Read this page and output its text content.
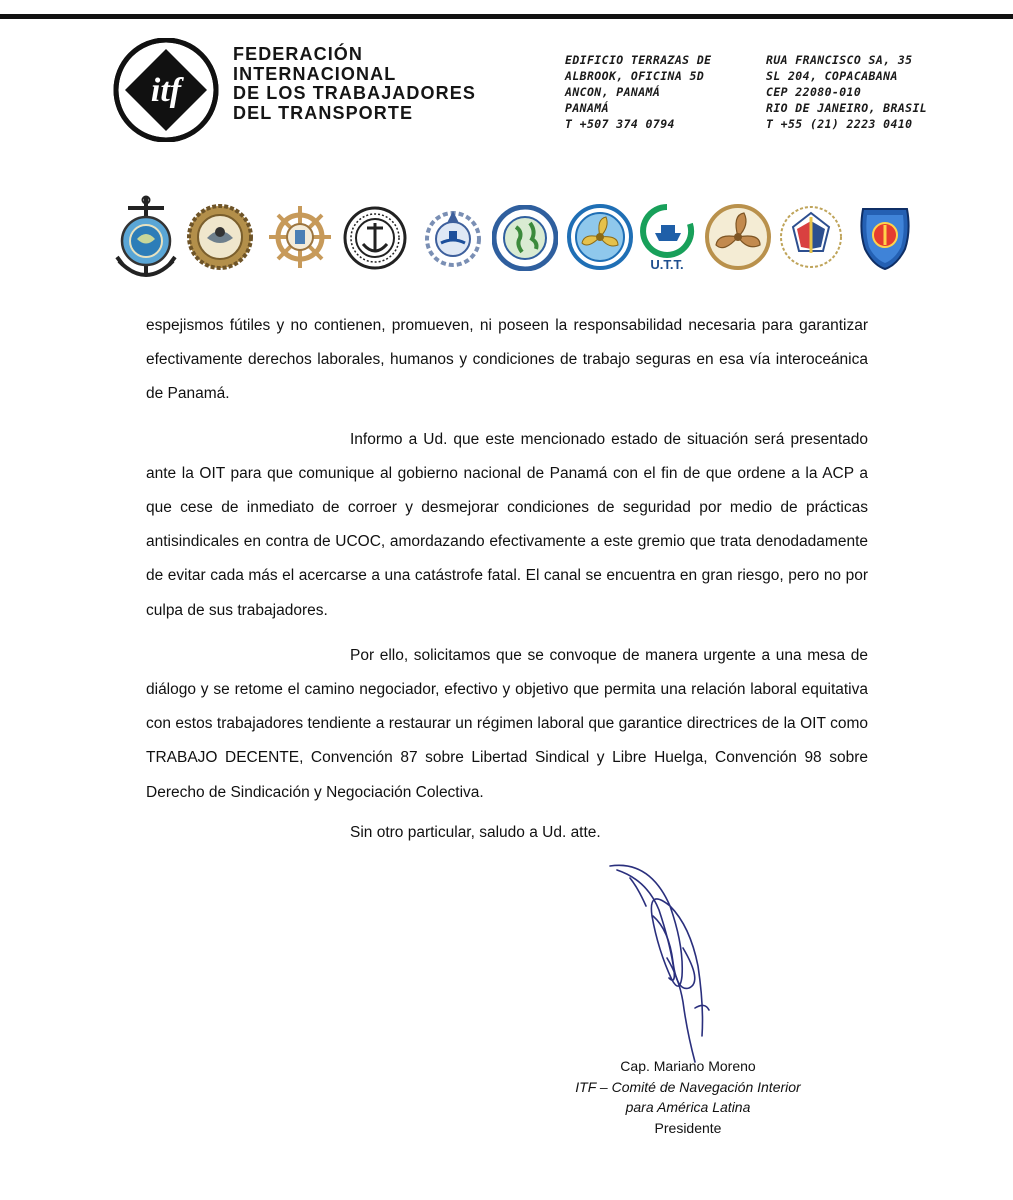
itf
FEDERACIÓN
INTERNACIONAL
DE LOS TRABAJADORES
DEL TRANSPORTE
EDIFICIO TERRAZAS DE
ALBROOK, OFICINA 5D
ANCON, PANAMÁ
PANAMÁ
T +507 374 0794
RUA FRANCISCO SA, 35
SL 204, COPACABANA
CEP 22080-010
RIO DE JANEIRO, BRASIL
T +55 (21) 2223 0410
U.T.T.

espejismos fútiles y no contienen, promueven, ni poseen la responsabilidad necesaria para garantizar efectivamente derechos laborales, humanos y condiciones de trabajo seguras en esa vía interoceánica de Panamá.

Informo a Ud. que este mencionado estado de situación será presentado ante la OIT para que comunique al gobierno nacional de Panamá con el fin de que ordene a la ACP a que cese de inmediato de corroer y desmejorar condiciones de seguridad por medio de prácticas antisindicales en contra de UCOC, amordazando efectivamente a este gremio que trata denodadamente de evitar cada más el acercarse a una catástrofe fatal. El canal se encuentra en gran riesgo, pero no por culpa de sus trabajadores.

Por ello, solicitamos que se convoque de manera urgente a una mesa de diálogo y se retome el camino negociador, efectivo y objetivo que permita una relación laboral equitativa con estos trabajadores tendiente a restaurar un régimen laboral que garantice directrices de la OIT como TRABAJO DECENTE, Convención 87 sobre Libertad Sindical y Libre Huelga, Convención 98 sobre Derecho de Sindicación y Negociación Colectiva.

Sin otro particular, saludo a Ud. atte.

Cap. Mariano Moreno
ITF – Comité de Navegación Interior
para América Latina
Presidente
